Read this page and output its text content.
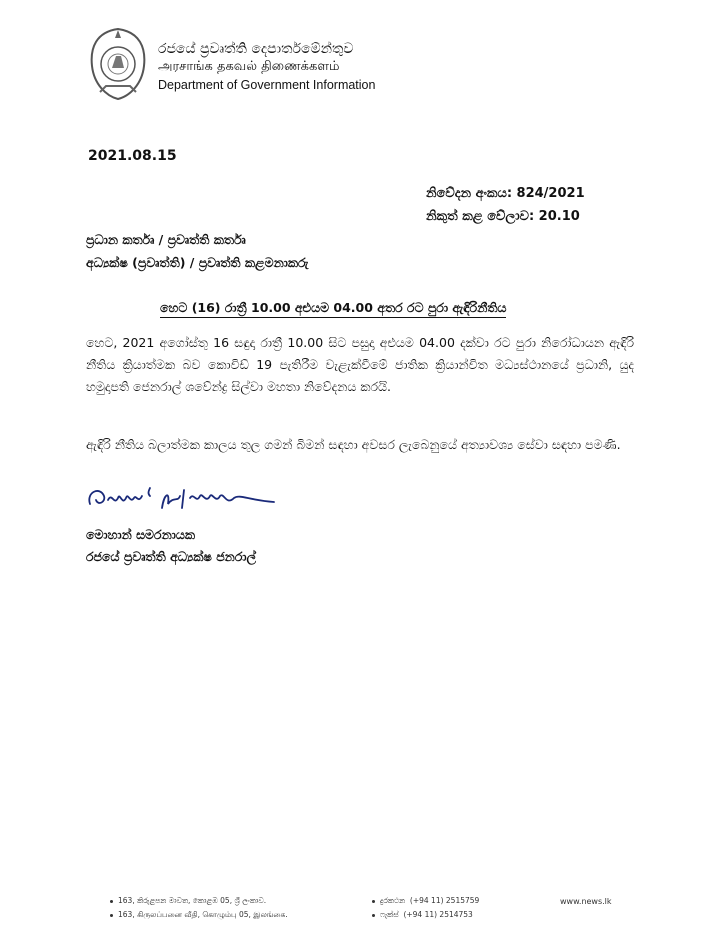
රජයේ ප්‍රවෘත්ති දෙපාර්තමේන්තුව
அரசாங்க தகவல் திணைக்களம்
Department of Government Information
2021.08.15
නිවේදන අංකය: 824/2021
නිකුත් කළ වේලාව: 20.10
ප්‍රධාන කර්තෘ / ප්‍රවෘත්ති කර්තෘ
අධ්‍යක්ෂ (ප්‍රවෘත්ති) / ප්‍රවෘත්ති කළමනාකරු
හෙට (16) රාත්‍රී 10.00 අළුයම 04.00 අතර රට පුරා ඇඳිරිනීතිය
හෙට, 2021 අගෝස්තු 16 සඳුදා රාත්‍රී 10.00 සිට පසුදා අළුයම 04.00 දක්වා රට පුරා නිරෝධායන ඇඳිරි නීතිය ක්‍රියාත්මක බව කොවිඩ් 19 පැතිරීම වැළැක්වීමේ ජාතික ක්‍රියාන්විත මධ්‍යස්ථානයේ ප්‍රධානි, යුද හමුදාපති ජෙනරාල් ශවේන්ද්‍ර සිල්වා මහතා නිවේදනය කරයි.
ඇඳිරි නීතිය බලාත්මක කාලය තුල ගමන් බිමන් සඳහා අවසර ලැබෙනුයේ අත්‍යාවශ්‍ය සේවා සඳහා පමණි.
මොහාන් සමරනායක
රජයේ ප්‍රවෘත්ති අධ්‍යක්ෂ ජනරාල්
163, කිරුළපන මාවත, කොළඹ 05, ශ්‍රී ලංකාව.
163, கிருலப்பனை வீதி, கொழும்பு 05, இலங்கை.
දුරකථන (+94 11) 2515759
ෆැක්ස් (+94 11) 2514753
www.news.lk
